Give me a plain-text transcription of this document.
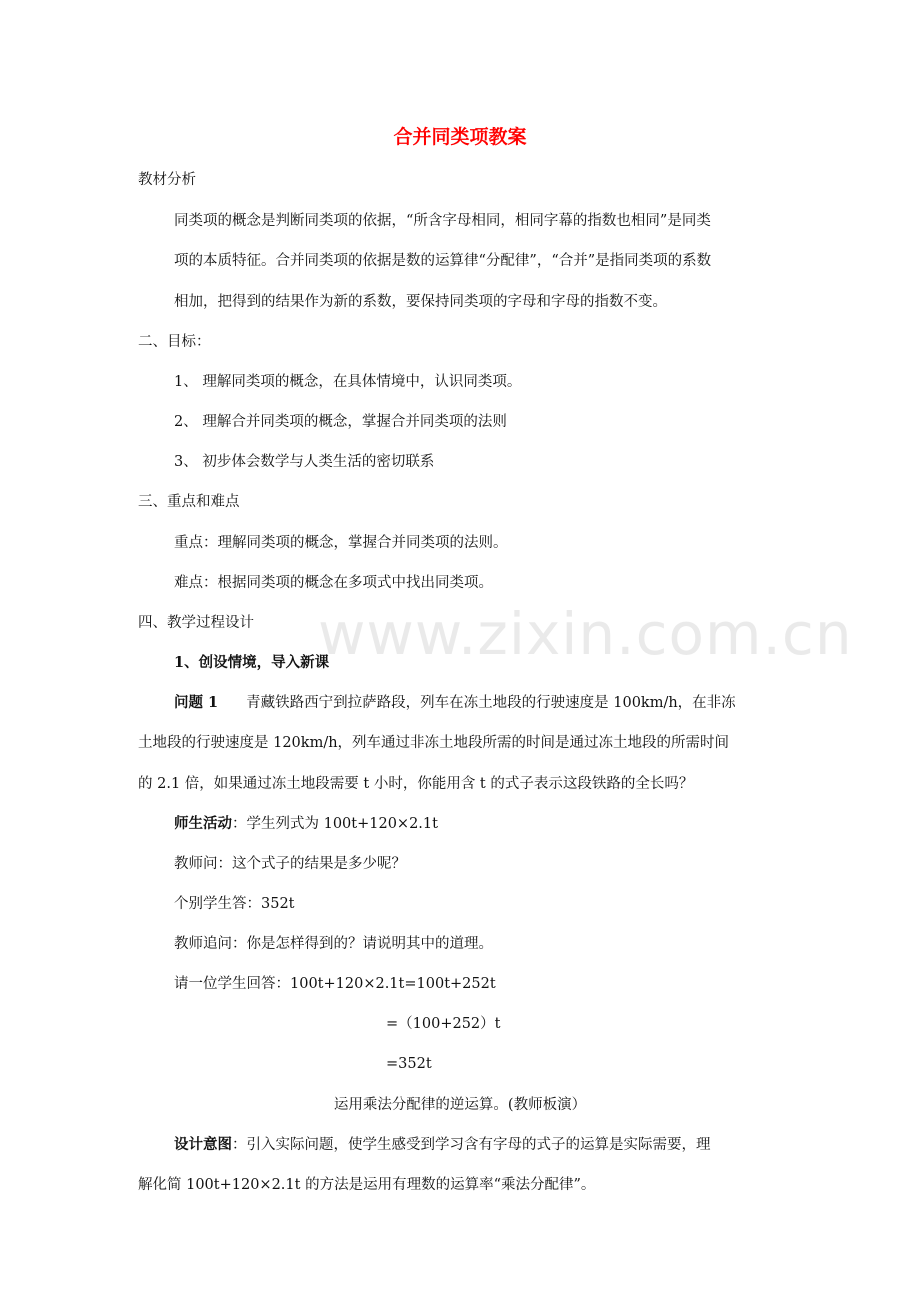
www.zixin.com.cn
合并同类项教案
教材分析
同类项的概念是判断同类项的依据，“所含字母相同，相同字幕的指数也相同”是同类
项的本质特征。合并同类项的依据是数的运算律“分配律”，“合并”是指同类项的系数
相加，把得到的结果作为新的系数，要保持同类项的字母和字母的指数不变。
二、目标：
1、 理解同类项的概念，在具体情境中，认识同类项。
2、 理解合并同类项的概念，掌握合并同类项的法则
3、 初步体会数学与人类生活的密切联系
三、重点和难点
重点：理解同类项的概念，掌握合并同类项的法则。
难点：根据同类项的概念在多项式中找出同类项。
四、教学过程设计
1、创设情境，导入新课
问题 1 青藏铁路西宁到拉萨路段，列车在冻土地段的行驶速度是 100km/h，在非冻
土地段的行驶速度是 120km/h，列车通过非冻土地段所需的时间是通过冻土地段的所需时间
的 2.1 倍，如果通过冻土地段需要 t 小时，你能用含 t 的式子表示这段铁路的全长吗？
师生活动：学生列式为 100t+120×2.1t
教师问：这个式子的结果是多少呢？
个别学生答：352t
教师追问：你是怎样得到的？请说明其中的道理。
请一位学生回答：100t+120×2.1t=100t+252t
=（100+252）t
=352t
运用乘法分配律的逆运算。(教师板演）
设计意图：引入实际问题，使学生感受到学习含有字母的式子的运算是实际需要，理
解化简 100t+120×2.1t 的方法是运用有理数的运算率“乘法分配律”。
